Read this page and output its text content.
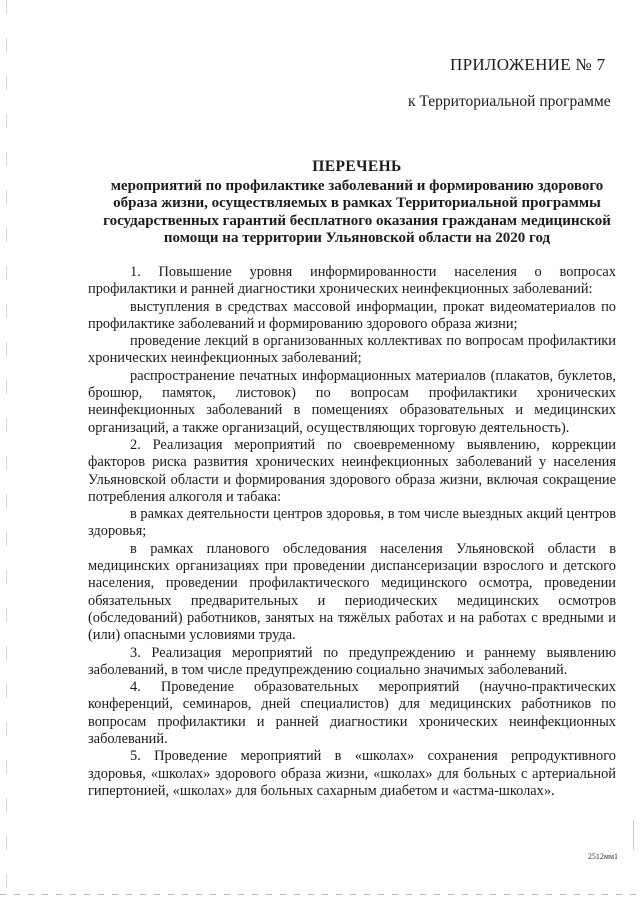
ПРИЛОЖЕНИЕ № 7
к Территориальной программе
ПЕРЕЧЕНЬ
мероприятий по профилактике заболеваний и формированию здорового образа жизни, осуществляемых в рамках Территориальной программы государственных гарантий бесплатного оказания гражданам медицинской помощи на территории Ульяновской области на 2020 год

1. Повышение уровня информированности населения о вопросах профилактики и ранней диагностики хронических неинфекционных заболеваний:

выступления в средствах массовой информации, прокат видеоматериалов по профилактике заболеваний и формированию здорового образа жизни;

проведение лекций в организованных коллективах по вопросам профилактики хронических неинфекционных заболеваний;

распространение печатных информационных материалов (плакатов, буклетов, брошюр, памяток, листовок) по вопросам профилактики хронических неинфекционных заболеваний в помещениях образовательных и медицинских организаций, а также организаций, осуществляющих торговую деятельность).

2. Реализация мероприятий по своевременному выявлению, коррекции факторов риска развития хронических неинфекционных заболеваний у населения Ульяновской области и формирования здорового образа жизни, включая сокращение потребления алкоголя и табака:

в рамках деятельности центров здоровья, в том числе выездных акций центров здоровья;

в рамках планового обследования населения Ульяновской области в медицинских организациях при проведении диспансеризации взрослого и детского населения, проведении профилактического медицинского осмотра, проведении обязательных предварительных и периодических медицинских осмотров (обследований) работников, занятых на тяжёлых работах и на работах с вредными и (или) опасными условиями труда.

3. Реализация мероприятий по предупреждению и раннему выявлению заболеваний, в том числе предупреждению социально значимых заболеваний.

4. Проведение образовательных мероприятий (научно-практических конференций, семинаров, дней специалистов) для медицинских работников по вопросам профилактики и ранней диагностики хронических неинфекционных заболеваний.

5. Проведение мероприятий в «школах» сохранения репродуктивного здоровья, «школах» здорового образа жизни, «школах» для больных с артериальной гипертонией, «школах» для больных сахарным диабетом и «астма-школах».

2512мм1
